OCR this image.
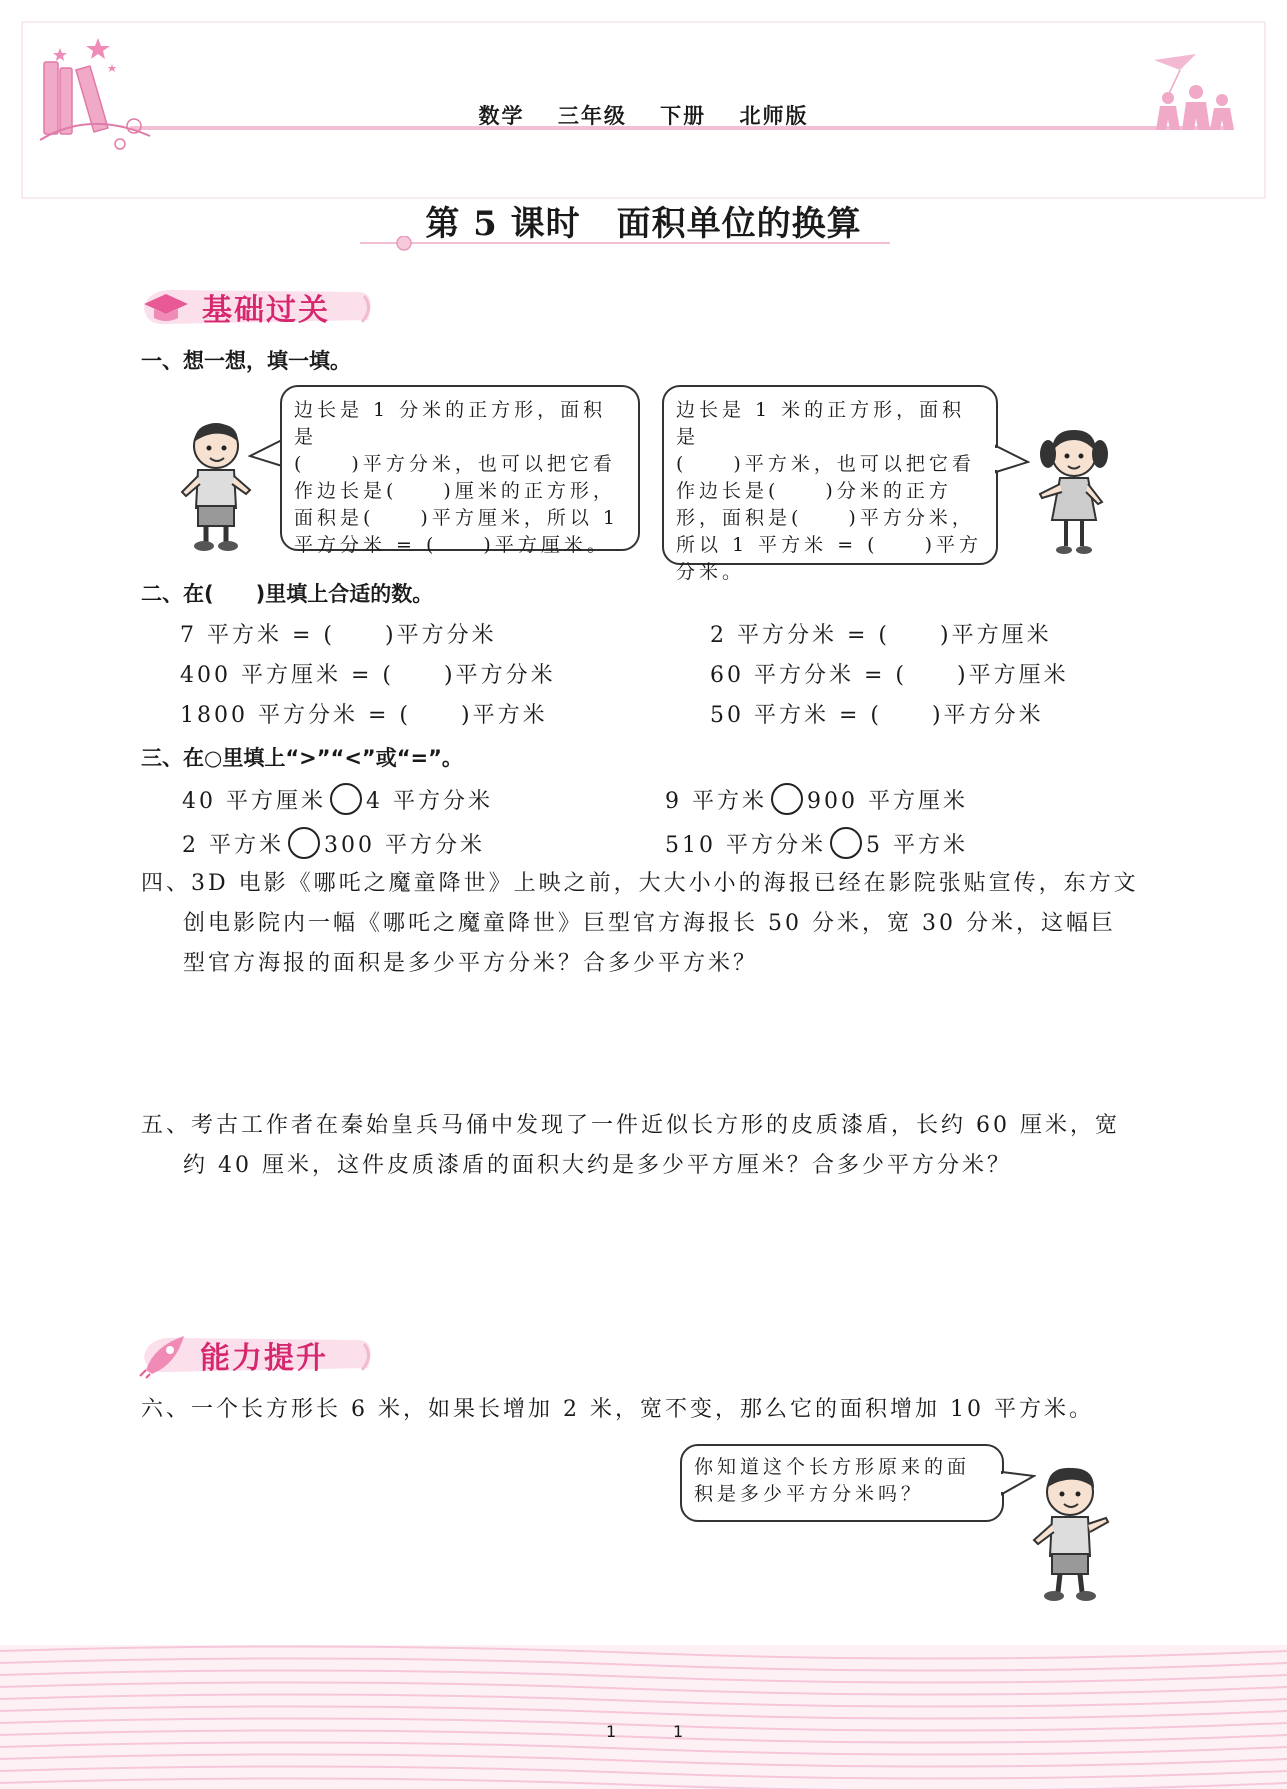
数学 三年级 下册 北师版
第 5 课时 面积单位的换算
基础过关
一、想一想，填一填。
边长是 1 分米的正方形，面积是
(　　)平方分米，也可以把它看
作边长是(　　)厘米的正方形，
面积是(　　)平方厘米，所以 1
平方分米 = (　　)平方厘米。
边长是 1 米的正方形，面积是
(　　)平方米，也可以把它看
作边长是(　　)分米的正方
形，面积是(　　)平方分米，
所以 1 平方米 = (　　)平方
分米。
二、在(　　)里填上合适的数。
7 平方米 = (　　)平方分米	2 平方分米 = (　　)平方厘米
400 平方厘米 = (　　)平方分米	60 平方分米 = (　　)平方厘米
1800 平方分米 = (　　)平方米	50 平方米 = (　　)平方分米
三、在○里填上“>”“<”或“=”。
40 平方厘米 4 平方分米	9 平方米 900 平方厘米
2 平方米 300 平方分米	510 平方分米 5 平方米
四、3D 电影《哪吒之魔童降世》上映之前，大大小小的海报已经在影院张贴宣传，东方文
创电影院内一幅《哪吒之魔童降世》巨型官方海报长 50 分米，宽 30 分米，这幅巨
型官方海报的面积是多少平方分米？合多少平方米？
五、考古工作者在秦始皇兵马俑中发现了一件近似长方形的皮质漆盾，长约 60 厘米，宽
约 40 厘米，这件皮质漆盾的面积大约是多少平方厘米？合多少平方分米？
能力提升
六、一个长方形长 6 米，如果长增加 2 米，宽不变，那么它的面积增加 10 平方米。
你知道这个长方形原来的面
积是多少平方分米吗？
1	1
